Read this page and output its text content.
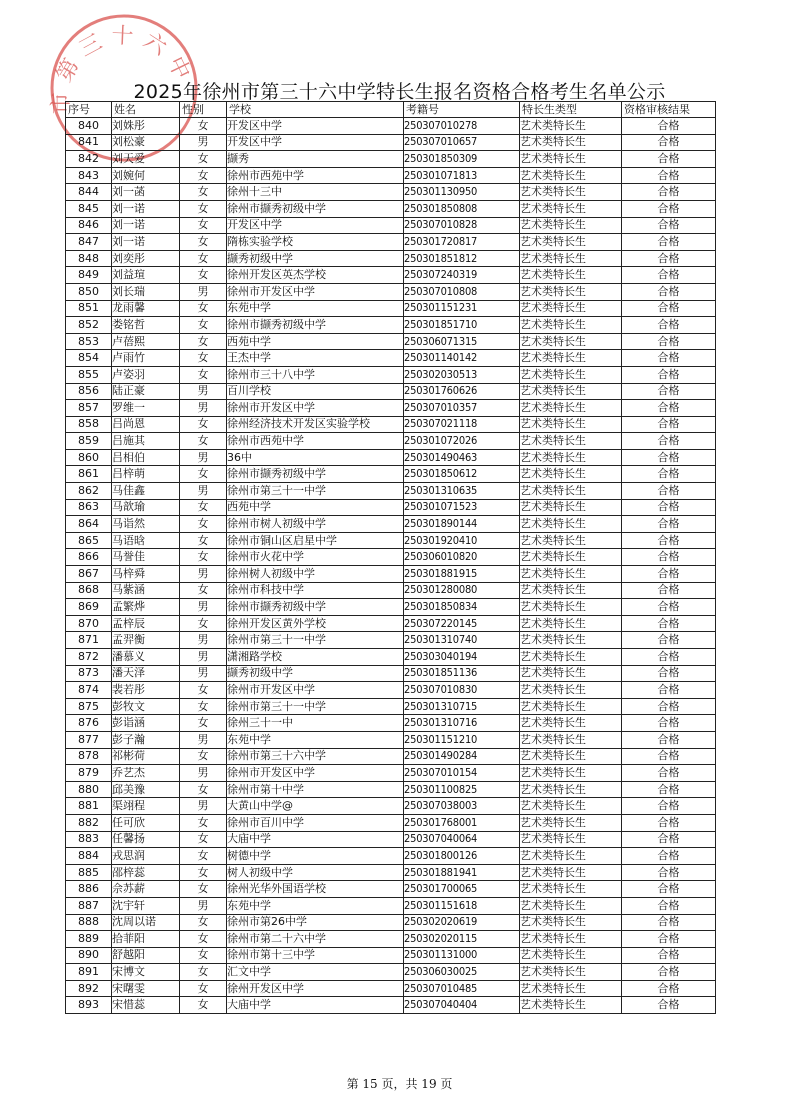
市第三十六中
2025年徐州市第三十六中学特长生报名资格合格考生名单公示
序号	姓名	性别	学校	考籍号	特长生类型	资格审核结果
840	刘姝彤	女	开发区中学	250307010278	艺术类特长生	合格
841	刘松豪	男	开发区中学	250307010657	艺术类特长生	合格
842	刘天爱	女	撷秀	250301850309	艺术类特长生	合格
843	刘婉何	女	徐州市西苑中学	250301071813	艺术类特长生	合格
844	刘一菡	女	徐州十三中	250301130950	艺术类特长生	合格
845	刘一诺	女	徐州市撷秀初级中学	250301850808	艺术类特长生	合格
846	刘一诺	女	开发区中学	250307010828	艺术类特长生	合格
847	刘一诺	女	隋栋实验学校	250301720817	艺术类特长生	合格
848	刘奕彤	女	撷秀初级中学	250301851812	艺术类特长生	合格
849	刘益瑄	女	徐州开发区英杰学校	250307240319	艺术类特长生	合格
850	刘长瑞	男	徐州市开发区中学	250307010808	艺术类特长生	合格
851	龙雨馨	女	东苑中学	250301151231	艺术类特长生	合格
852	娄铭哲	女	徐州市撷秀初级中学	250301851710	艺术类特长生	合格
853	卢蓓熙	女	西苑中学	250306071315	艺术类特长生	合格
854	卢雨竹	女	王杰中学	250301140142	艺术类特长生	合格
855	卢姿羽	女	徐州市三十八中学	250302030513	艺术类特长生	合格
856	陆正豪	男	百川学校	250301760626	艺术类特长生	合格
857	罗维一	男	徐州市开发区中学	250307010357	艺术类特长生	合格
858	吕尚恩	女	徐州经济技术开发区实验学校	250307021118	艺术类特长生	合格
859	吕施其	女	徐州市西苑中学	250301072026	艺术类特长生	合格
860	吕相伯	男	36中	250301490463	艺术类特长生	合格
861	吕梓萌	女	徐州市撷秀初级中学	250301850612	艺术类特长生	合格
862	马佳鑫	男	徐州市第三十一中学	250301310635	艺术类特长生	合格
863	马歆瑜	女	西苑中学	250301071523	艺术类特长生	合格
864	马诣然	女	徐州市树人初级中学	250301890144	艺术类特长生	合格
865	马语晗	女	徐州市铜山区启星中学	250301920410	艺术类特长生	合格
866	马誉佳	女	徐州市火花中学	250306010820	艺术类特长生	合格
867	马梓舜	男	徐州树人初级中学	250301881915	艺术类特长生	合格
868	马紫涵	女	徐州市科技中学	250301280080	艺术类特长生	合格
869	孟繁烨	男	徐州市撷秀初级中学	250301850834	艺术类特长生	合格
870	孟梓辰	女	徐州开发区黄外学校	250307220145	艺术类特长生	合格
871	孟羿衡	男	徐州市第三十一中学	250301310740	艺术类特长生	合格
872	潘慕义	男	潇湘路学校	250303040194	艺术类特长生	合格
873	潘天泽	男	撷秀初级中学	250301851136	艺术类特长生	合格
874	裴若彤	女	徐州市开发区中学	250307010830	艺术类特长生	合格
875	彭牧文	女	徐州市第三十一中学	250301310715	艺术类特长生	合格
876	彭诣涵	女	徐州三十一中	250301310716	艺术类特长生	合格
877	彭子瀚	男	东苑中学	250301151210	艺术类特长生	合格
878	祁彬荷	女	徐州市第三十六中学	250301490284	艺术类特长生	合格
879	乔艺杰	男	徐州市开发区中学	250307010154	艺术类特长生	合格
880	邱美豫	女	徐州市第十中学	250301100825	艺术类特长生	合格
881	渠翊程	男	大黄山中学@	250307038003	艺术类特长生	合格
882	任可欣	女	徐州市百川中学	250301768001	艺术类特长生	合格
883	任馨扬	女	大庙中学	250307040064	艺术类特长生	合格
884	戎思润	女	树德中学	250301800126	艺术类特长生	合格
885	邵梓蕊	女	树人初级中学	250301881941	艺术类特长生	合格
886	佘苏薪	女	徐州光华外国语学校	250301700065	艺术类特长生	合格
887	沈宇轩	男	东苑中学	250301151618	艺术类特长生	合格
888	沈周以诺	女	徐州市第26中学	250302020619	艺术类特长生	合格
889	拾菲阳	女	徐州市第二十六中学	250302020115	艺术类特长生	合格
890	舒越阳	女	徐州市第十三中学	250301131000	艺术类特长生	合格
891	宋博文	女	汇文中学	250306030025	艺术类特长生	合格
892	宋曙雯	女	徐州开发区中学	250307010485	艺术类特长生	合格
893	宋惜蕊	女	大庙中学	250307040404	艺术类特长生	合格
第 15 页，共 19 页
